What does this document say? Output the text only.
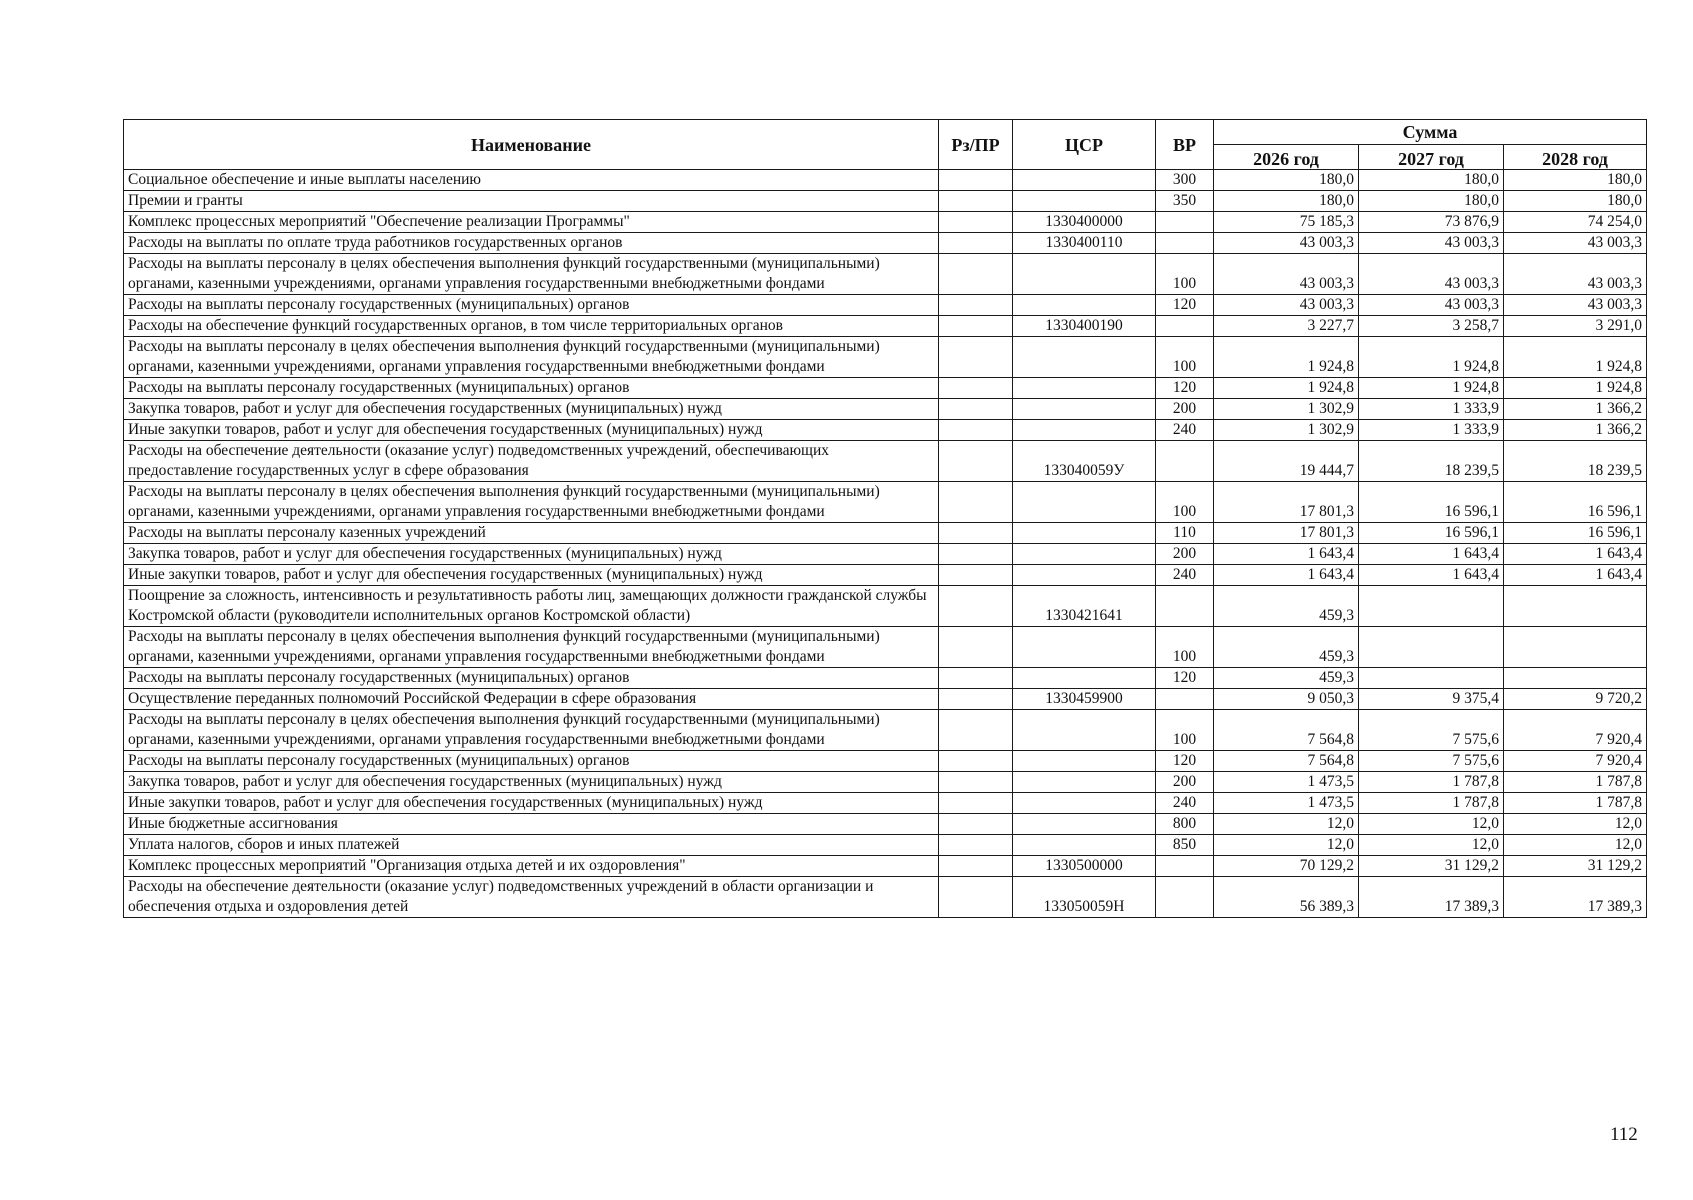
Наименование	Рз/ПР	ЦСР	ВР	Сумма		
				2026 год	2027 год	2028 год
Социальное обеспечение и иные выплаты населению			300	180,0	180,0	180,0
Премии и гранты			350	180,0	180,0	180,0
Комплекс процессных мероприятий "Обеспечение реализации Программы"		1330400000		75 185,3	73 876,9	74 254,0
Расходы на выплаты по оплате труда работников государственных органов		1330400110		43 003,3	43 003,3	43 003,3
Расходы на выплаты персоналу в целях обеспечения выполнения функций государственными (муниципальными) органами, казенными учреждениями, органами управления государственными внебюджетными фондами			100	43 003,3	43 003,3	43 003,3
Расходы на выплаты персоналу государственных (муниципальных) органов			120	43 003,3	43 003,3	43 003,3
Расходы на обеспечение функций государственных органов, в том числе территориальных органов		1330400190		3 227,7	3 258,7	3 291,0
Расходы на выплаты персоналу в целях обеспечения выполнения функций государственными (муниципальными) органами, казенными учреждениями, органами управления государственными внебюджетными фондами			100	1 924,8	1 924,8	1 924,8
Расходы на выплаты персоналу государственных (муниципальных) органов			120	1 924,8	1 924,8	1 924,8
Закупка товаров, работ и услуг для обеспечения государственных (муниципальных) нужд			200	1 302,9	1 333,9	1 366,2
Иные закупки товаров, работ и услуг для обеспечения государственных (муниципальных) нужд			240	1 302,9	1 333,9	1 366,2
Расходы на обеспечение деятельности (оказание услуг) подведомственных учреждений, обеспечивающих предоставление государственных услуг в сфере образования		133040059У		19 444,7	18 239,5	18 239,5
Расходы на выплаты персоналу в целях обеспечения выполнения функций государственными (муниципальными) органами, казенными учреждениями, органами управления государственными внебюджетными фондами			100	17 801,3	16 596,1	16 596,1
Расходы на выплаты персоналу казенных учреждений			110	17 801,3	16 596,1	16 596,1
Закупка товаров, работ и услуг для обеспечения государственных (муниципальных) нужд			200	1 643,4	1 643,4	1 643,4
Иные закупки товаров, работ и услуг для обеспечения государственных (муниципальных) нужд			240	1 643,4	1 643,4	1 643,4
Поощрение за сложность, интенсивность и результативность работы лиц, замещающих должности гражданской службы Костромской области (руководители исполнительных органов Костромской области)		1330421641		459,3		
Расходы на выплаты персоналу в целях обеспечения выполнения функций государственными (муниципальными) органами, казенными учреждениями, органами управления государственными внебюджетными фондами			100	459,3		
Расходы на выплаты персоналу государственных (муниципальных) органов			120	459,3		
Осуществление переданных полномочий Российской Федерации в сфере образования		1330459900		9 050,3	9 375,4	9 720,2
Расходы на выплаты персоналу в целях обеспечения выполнения функций государственными (муниципальными) органами, казенными учреждениями, органами управления государственными внебюджетными фондами			100	7 564,8	7 575,6	7 920,4
Расходы на выплаты персоналу государственных (муниципальных) органов			120	7 564,8	7 575,6	7 920,4
Закупка товаров, работ и услуг для обеспечения государственных (муниципальных) нужд			200	1 473,5	1 787,8	1 787,8
Иные закупки товаров, работ и услуг для обеспечения государственных (муниципальных) нужд			240	1 473,5	1 787,8	1 787,8
Иные бюджетные ассигнования			800	12,0	12,0	12,0
Уплата налогов, сборов и иных платежей			850	12,0	12,0	12,0
Комплекс процессных мероприятий "Организация отдыха детей и их оздоровления"		1330500000		70 129,2	31 129,2	31 129,2
Расходы на обеспечение деятельности (оказание услуг) подведомственных учреждений в области организации и обеспечения отдыха и оздоровления детей		133050059Н		56 389,3	17 389,3	17 389,3
112
